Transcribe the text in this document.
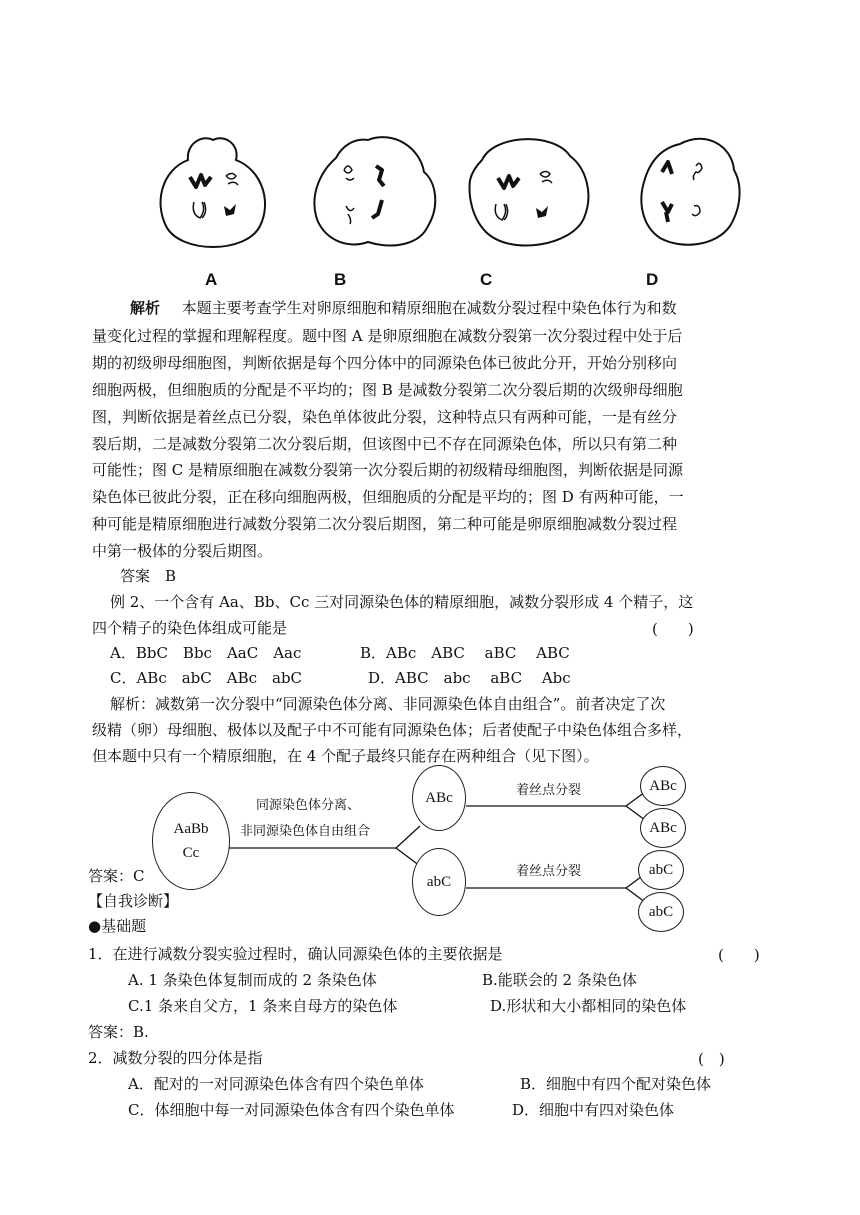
A	B	C	D
解析 本题主要考查学生对卵原细胞和精原细胞在减数分裂过程中染色体行为和数
量变化过程的掌握和理解程度。题中图 A 是卵原细胞在减数分裂第一次分裂过程中处于后
期的初级卵母细胞图，判断依据是每个四分体中的同源染色体已彼此分开，开始分别移向
细胞两极，但细胞质的分配是不平均的；图 B 是减数分裂第二次分裂后期的次级卵母细胞
图，判断依据是着丝点已分裂，染色单体彼此分裂，这种特点只有两种可能，一是有丝分
裂后期，二是减数分裂第二次分裂后期，但该图中已不存在同源染色体，所以只有第二种
可能性；图 C 是精原细胞在减数分裂第一次分裂后期的初级精母细胞图，判断依据是同源
染色体已彼此分裂，正在移向细胞两极，但细胞质的分配是平均的；图 D 有两种可能，一
种可能是精原细胞进行减数分裂第二次分裂后期图，第二种可能是卵原细胞减数分裂过程
中第一极体的分裂后期图。
答案　B
例 2、一个含有 Aa、Bb、Cc 三对同源染色体的精原细胞，减数分裂形成 4 个精子，这
四个精子的染色体组成可能是	(　　)
A．BbC　Bbc　AaC　Aac	B．ABc　ABC　 aBC　 ABC
C．ABc　abC　ABc　abC	D．ABC　abc　 aBC　 Abc
解析：减数第一次分裂中“同源染色体分离、非同源染色体自由组合”。前者决定了次
级精（卵）母细胞、极体以及配子中不可能有同源染色体；后者使配子中染色体组合多样，
但本题中只有一个精原细胞，在 4 个配子最终只能存在两种组合（见下图）。
AaBb
Cc
同源染色体分离、
非同源染色体自由组合
ABc
abC
着丝点分裂
着丝点分裂
ABc
ABc
abC
abC
答案：C
【自我诊断】
●基础题
1．在进行减数分裂实验过程时，确认同源染色体的主要依据是	(　　)
A. 1 条染色体复制而成的 2 条染色体	B.能联会的 2 条染色体
C.1 条来自父方，1 条来自母方的染色体	D.形状和大小都相同的染色体
答案：B.
2．减数分裂的四分体是指	(　)
A．配对的一对同源染色体含有四个染色单体	B．细胞中有四个配对染色体
C．体细胞中每一对同源染色体含有四个染色单体	D．细胞中有四对染色体
